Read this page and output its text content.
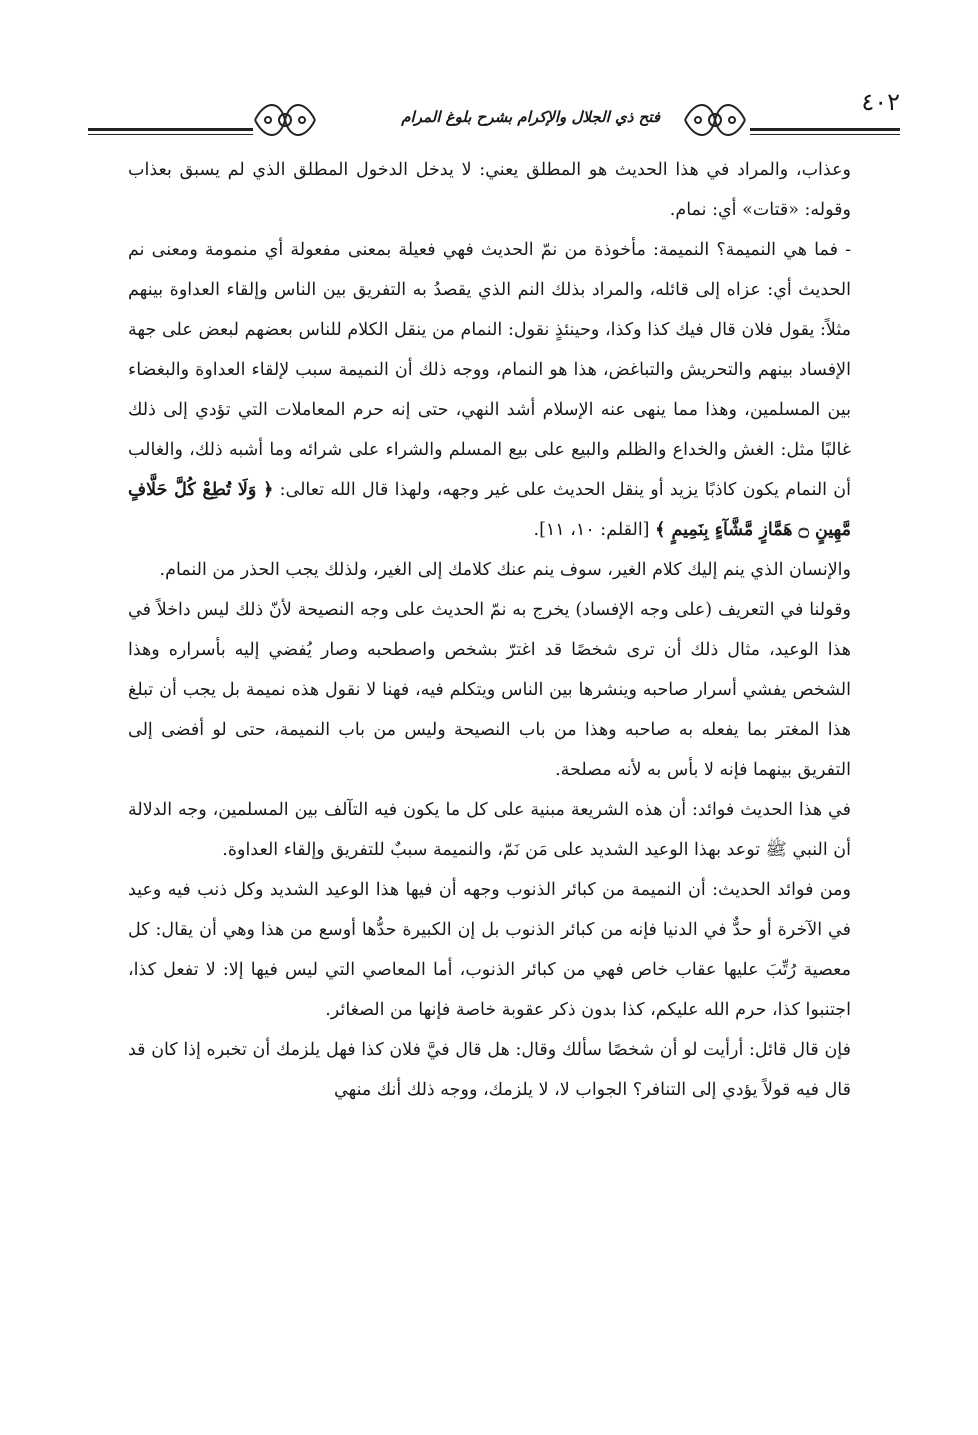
٤٠٢
فتح ذي الجلال والإكرام بشرح بلوغ المرام

وعذاب، والمراد في هذا الحديث هو المطلق يعني: لا يدخل الدخول المطلق الذي لم يسبق بعذاب وقوله: «قتات» أي: نمام.

- فما هي النميمة؟ النميمة: مأخوذة من نمّ الحديث فهي فعيلة بمعنى مفعولة أي منمومة ومعنى نم الحديث أي: عزاه إلى قائله، والمراد بذلك النم الذي يقصدُ به التفريق بين الناس وإلقاء العداوة بينهم مثلاً: يقول فلان قال فيك كذا وكذا، وحينئذٍ نقول: النمام من ينقل الكلام للناس بعضهم لبعض على جهة الإفساد بينهم والتحريش والتباغض، هذا هو النمام، ووجه ذلك أن النميمة سبب لإلقاء العداوة والبغضاء بين المسلمين، وهذا مما ينهى عنه الإسلام أشد النهي، حتى إنه حرم المعاملات التي تؤدي إلى ذلك غالبًا مثل: الغش والخداع والظلم والبيع على بيع المسلم والشراء على شرائه وما أشبه ذلك، والغالب أن النمام يكون كاذبًا يزيد أو ينقل الحديث على غير وجهه، ولهذا قال الله تعالى: ﴿ وَلَا تُطِعْ كُلَّ حَلَّافٍ مَّهِينٍ ۝ هَمَّازٍ مَّشَّآءٍ بِنَمِيمٍ ﴾ [القلم: ١٠، ١١].

والإنسان الذي ينم إليك كلام الغير، سوف ينم عنك كلامك إلى الغير، ولذلك يجب الحذر من النمام.

وقولنا في التعريف (على وجه الإفساد) يخرج به نمّ الحديث على وجه النصيحة لأنّ ذلك ليس داخلاً في هذا الوعيد، مثال ذلك أن ترى شخصًا قد اغترّ بشخص واصطحبه وصار يُفضي إليه بأسراره وهذا الشخص يفشي أسرار صاحبه وينشرها بين الناس ويتكلم فيه، فهنا لا نقول هذه نميمة بل يجب أن تبلغ هذا المغتر بما يفعله به صاحبه وهذا من باب النصيحة وليس من باب النميمة، حتى لو أفضى إلى التفريق بينهما فإنه لا بأس به لأنه مصلحة.

في هذا الحديث فوائد: أن هذه الشريعة مبنية على كل ما يكون فيه التآلف بين المسلمين، وجه الدلالة أن النبي ﷺ توعد بهذا الوعيد الشديد على مَن نَمّ، والنميمة سببٌ للتفريق وإلقاء العداوة.

ومن فوائد الحديث: أن النميمة من كبائر الذنوب وجهه أن فيها هذا الوعيد الشديد وكل ذنب فيه وعيد في الآخرة أو حدٌّ في الدنيا فإنه من كبائر الذنوب بل إن الكبيرة حدُّها أوسع من هذا وهي أن يقال: كل معصية رُتِّبَ عليها عقاب خاص فهي من كبائر الذنوب، أما المعاصي التي ليس فيها إلا: لا تفعل كذا، اجتنبوا كذا، حرم الله عليكم، كذا بدون ذكر عقوبة خاصة فإنها من الصغائر.

فإن قال قائل: أرأيت لو أن شخصًا سألك وقال: هل قال فيَّ فلان كذا فهل يلزمك أن تخبره إذا كان قد قال فيه قولاً يؤدي إلى التنافر؟ الجواب لا، لا يلزمك، ووجه ذلك أنك منهي
